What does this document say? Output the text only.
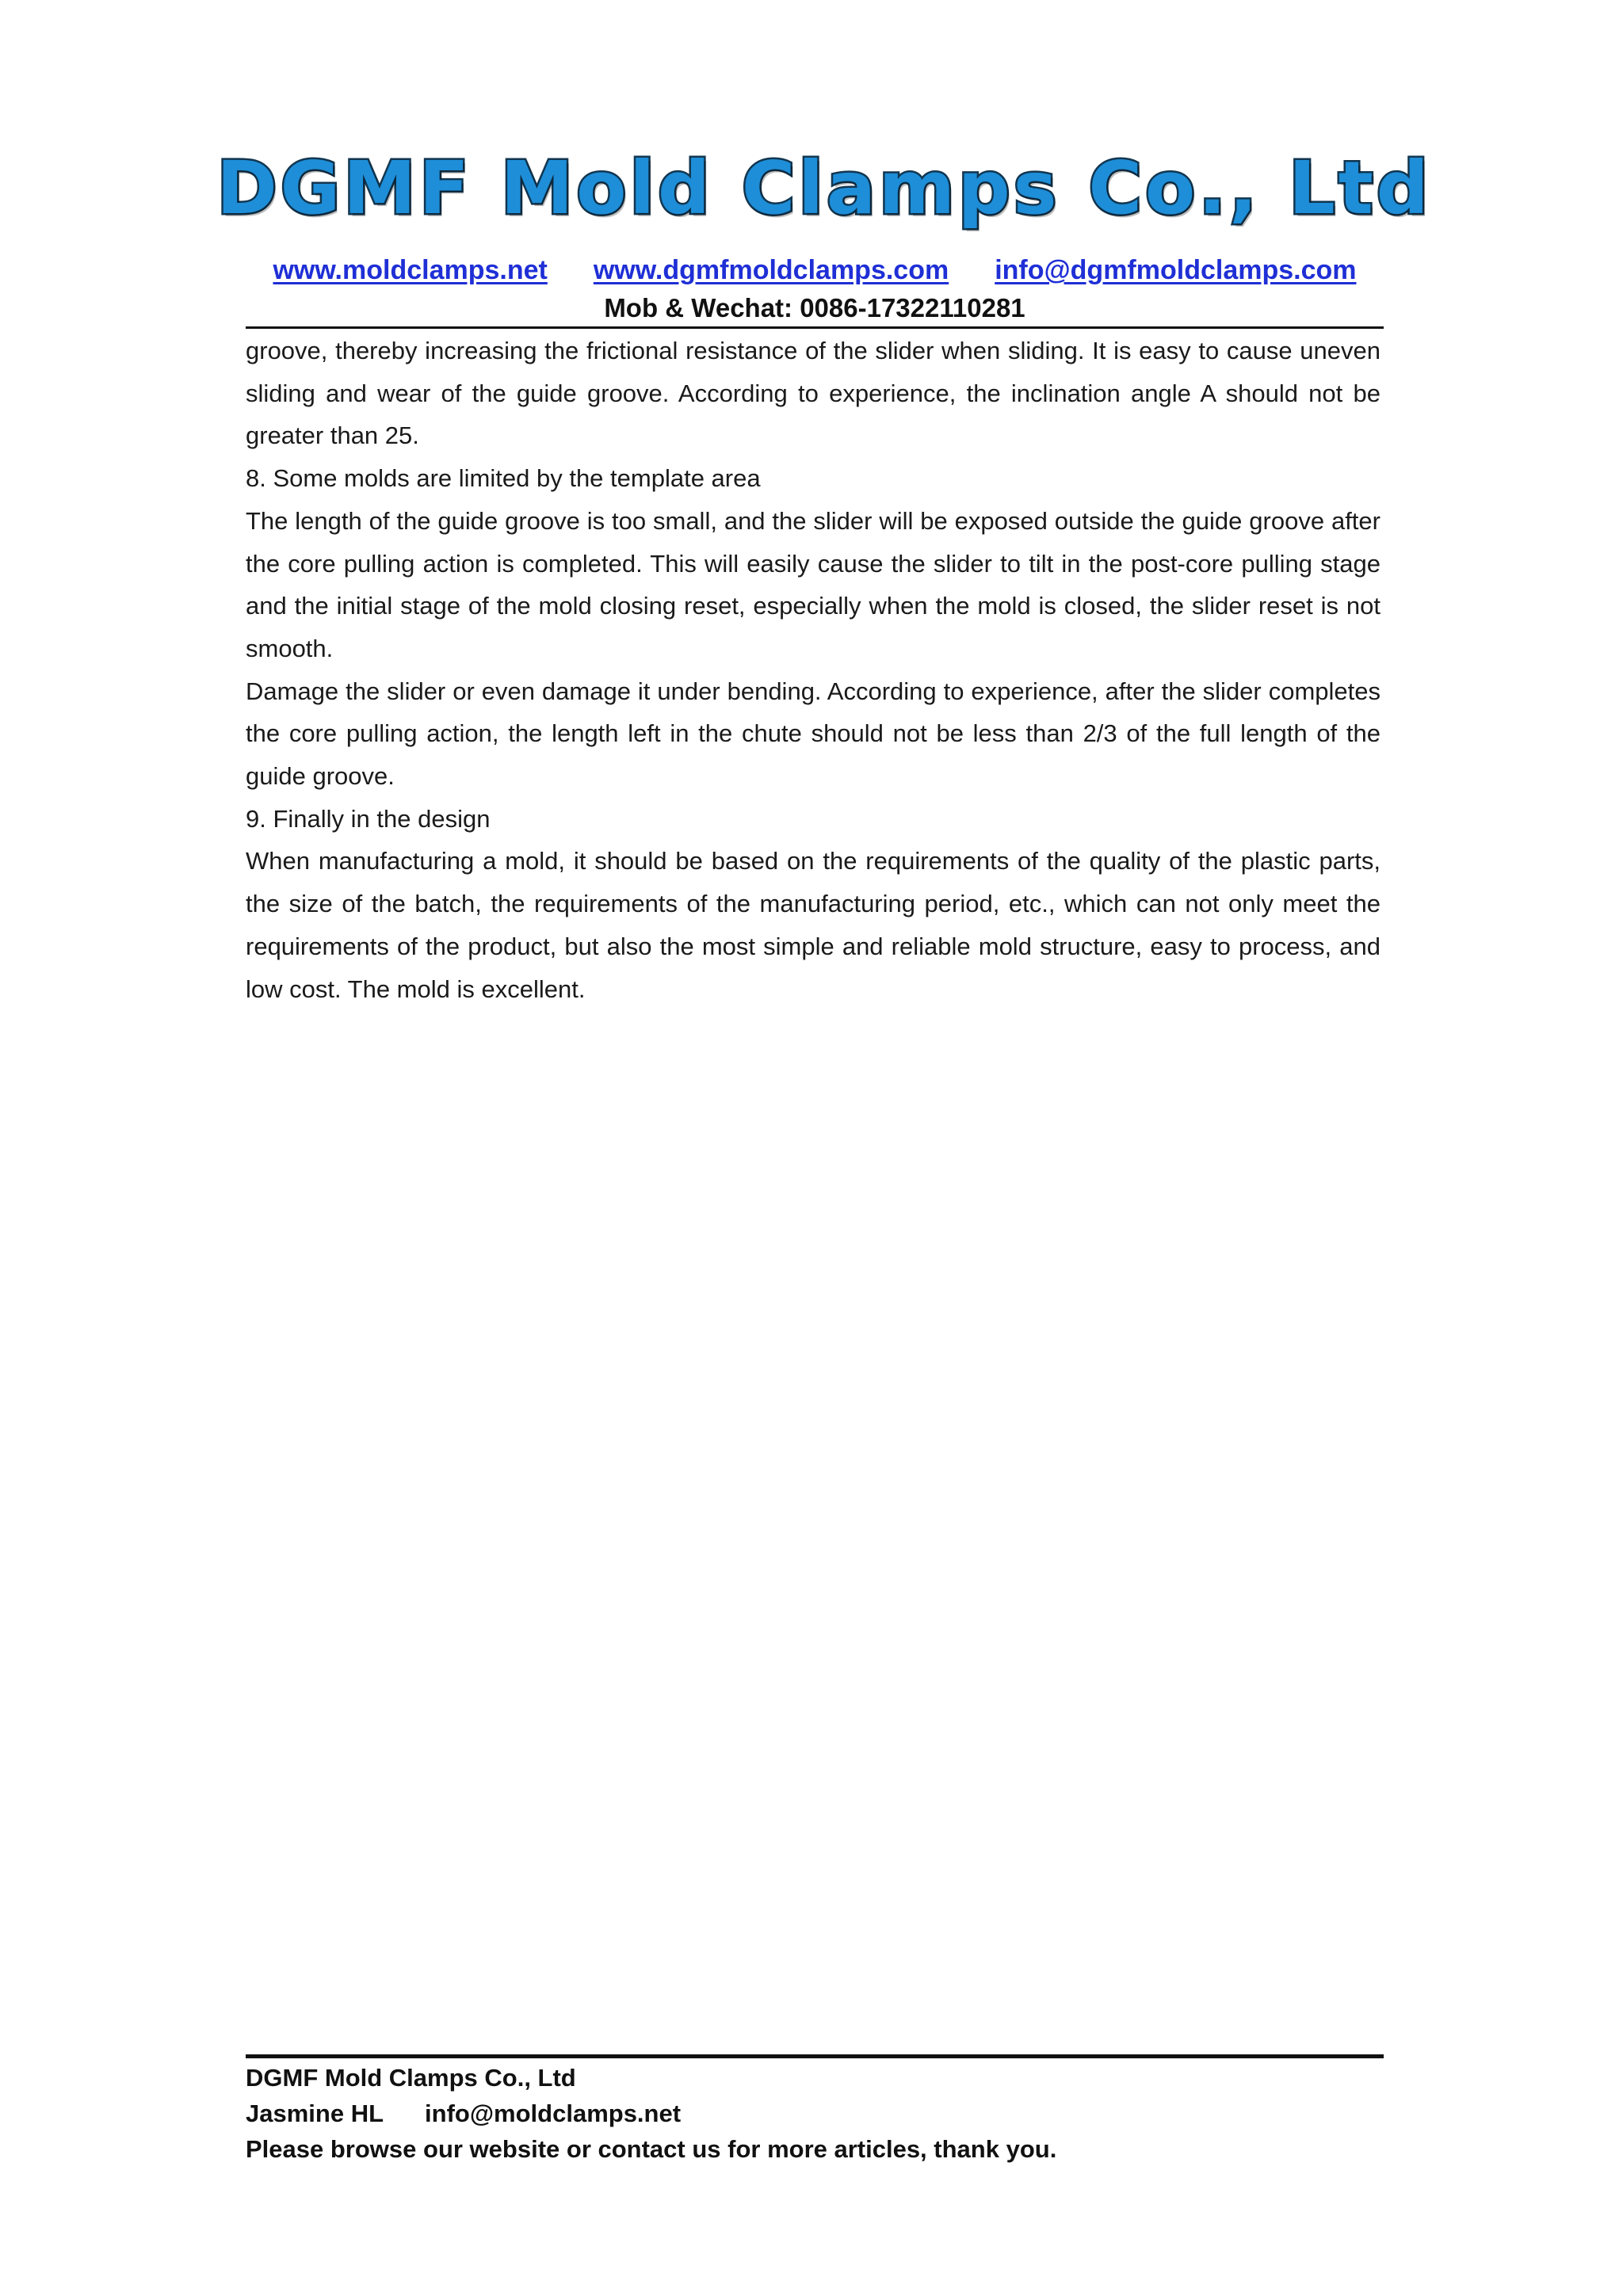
DGMF Mold Clamps Co., Ltd
www.moldclamps.net www.dgmfmoldclamps.com info@dgmfmoldclamps.com
Mob & Wechat: 0086-17322110281

groove, thereby increasing the frictional resistance of the slider when sliding. It is easy to cause uneven sliding and wear of the guide groove. According to experience, the inclination angle A should not be greater than 25.

8. Some molds are limited by the template area

The length of the guide groove is too small, and the slider will be exposed outside the guide groove after the core pulling action is completed. This will easily cause the slider to tilt in the post-core pulling stage and the initial stage of the mold closing reset, especially when the mold is closed, the slider reset is not smooth.

Damage the slider or even damage it under bending. According to experience, after the slider completes the core pulling action, the length left in the chute should not be less than 2/3 of the full length of the guide groove.

9. Finally in the design

When manufacturing a mold, it should be based on the requirements of the quality of the plastic parts, the size of the batch, the requirements of the manufacturing period, etc., which can not only meet the requirements of the product, but also the most simple and reliable mold structure, easy to process, and low cost. The mold is excellent.

DGMF Mold Clamps Co., Ltd
Jasmine HL info@moldclamps.net
Please browse our website or contact us for more articles, thank you.
